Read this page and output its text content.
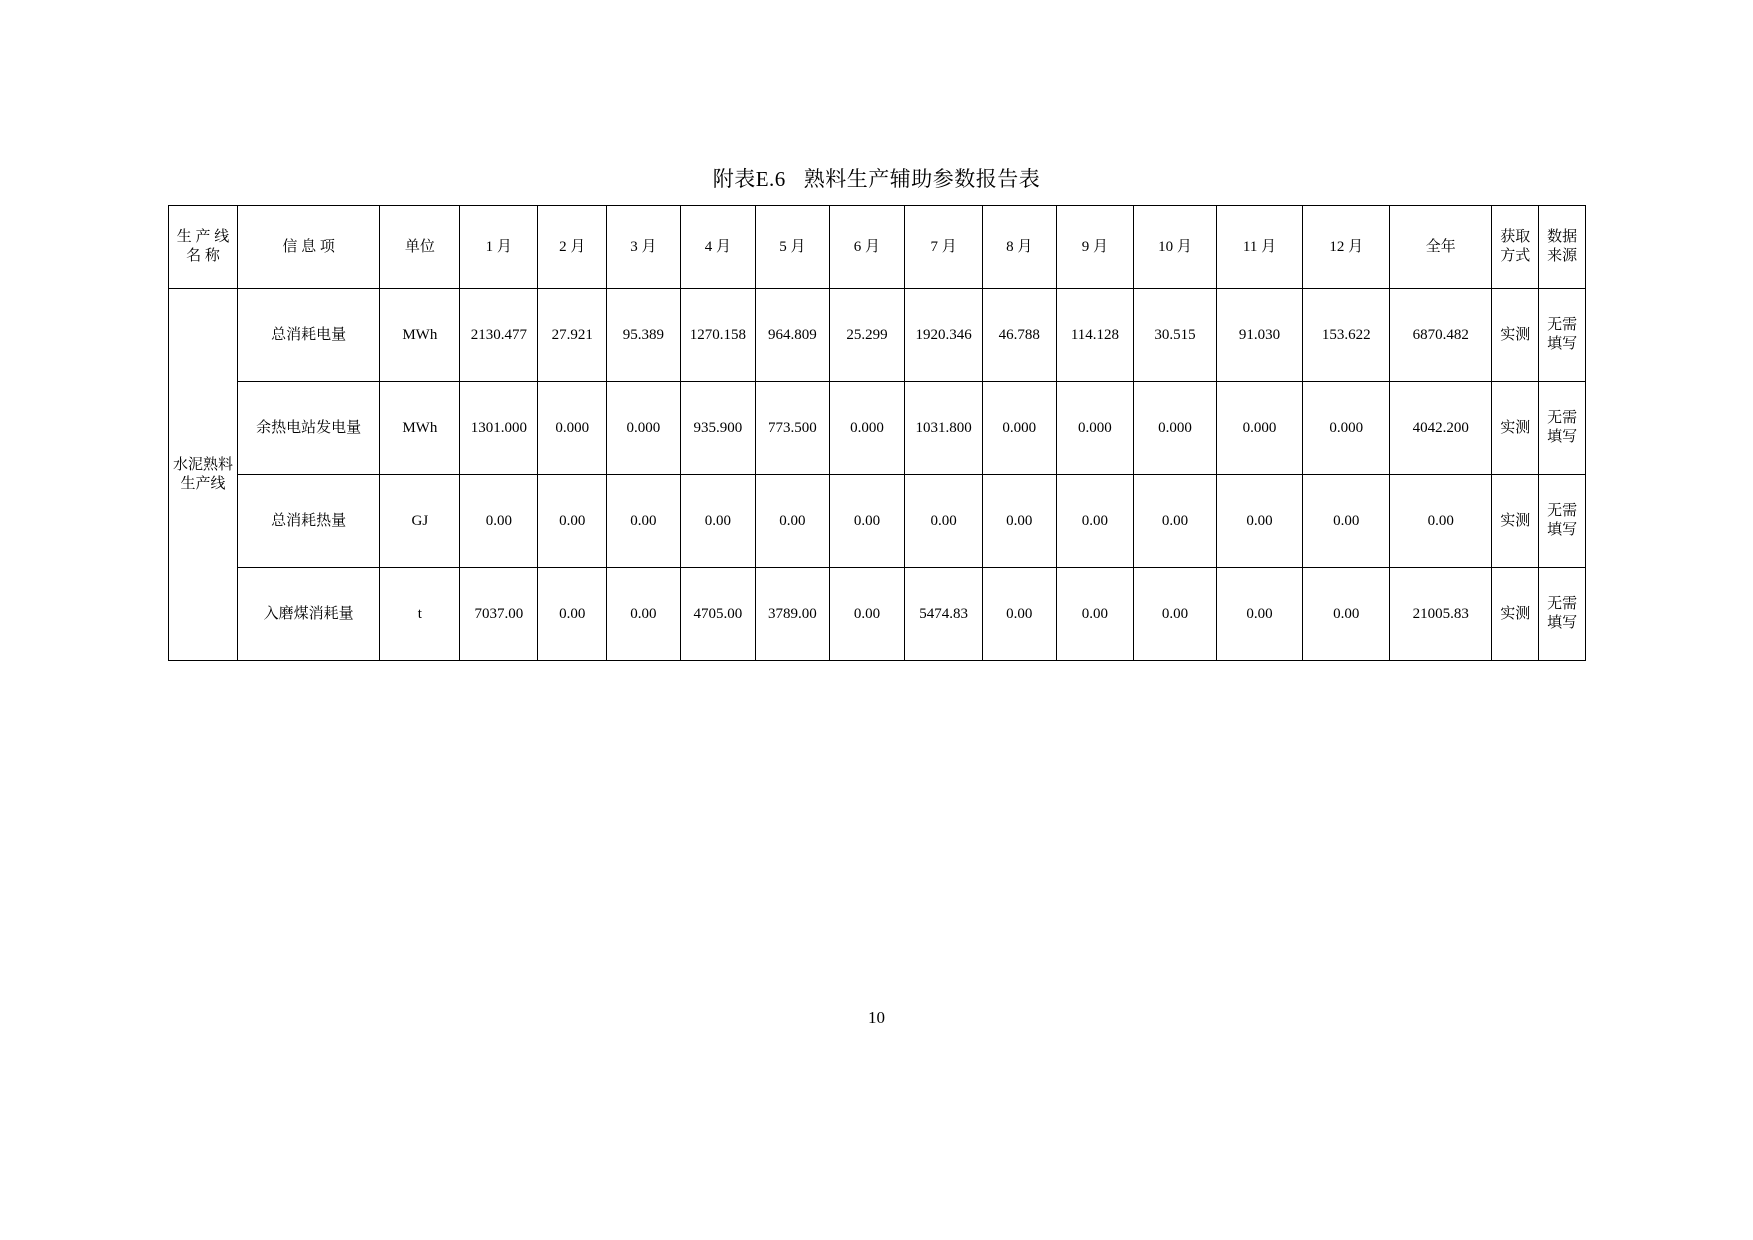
附表E.6 熟料生产辅助参数报告表
生 产 线名 称	信 息 项	单位	1 月	2 月	3 月	4 月	5 月	6 月	7 月	8 月	9 月	10 月	11 月	12 月	全年	获取方式	数据来源
水泥熟料生产线	总消耗电量	MWh	2130.477	27.921	95.389	1270.158	964.809	25.299	1920.346	46.788	114.128	30.515	91.030	153.622	6870.482	实测	无需填写
	余热电站发电量	MWh	1301.000	0.000	0.000	935.900	773.500	0.000	1031.800	0.000	0.000	0.000	0.000	0.000	4042.200	实测	无需填写
	总消耗热量	GJ	0.00	0.00	0.00	0.00	0.00	0.00	0.00	0.00	0.00	0.00	0.00	0.00	0.00	实测	无需填写
	入磨煤消耗量	t	7037.00	0.00	0.00	4705.00	3789.00	0.00	5474.83	0.00	0.00	0.00	0.00	0.00	21005.83	实测	无需填写
10
